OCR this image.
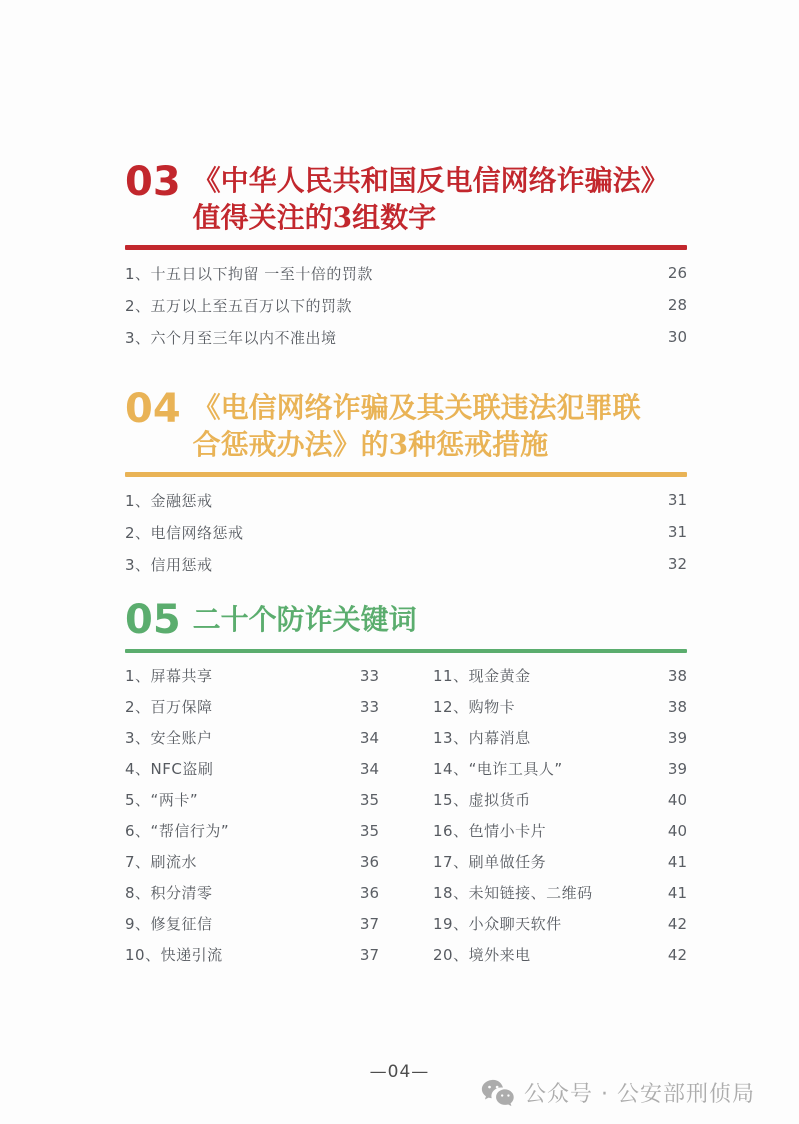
03 《中华人民共和国反电信网络诈骗法》
值得关注的3组数字
1、十五日以下拘留 一至十倍的罚款	26
2、五万以上至五百万以下的罚款	28
3、六个月至三年以内不准出境	30
04 《电信网络诈骗及其关联违法犯罪联
合惩戒办法》的3种惩戒措施
1、金融惩戒	31
2、电信网络惩戒	31
3、信用惩戒	32
05 二十个防诈关键词
1、屏幕共享	33
2、百万保障	33
3、安全账户	34
4、NFC盗刷	34
5、“两卡”	35
6、“帮信行为”	35
7、刷流水	36
8、积分清零	36
9、修复征信	37
10、快递引流	37
11、现金黄金	38
12、购物卡	38
13、内幕消息	39
14、“电诈工具人”	39
15、虚拟货币	40
16、色情小卡片	40
17、刷单做任务	41
18、未知链接、二维码	41
19、小众聊天软件	42
20、境外来电	42
—04—
公众号 · 公安部刑侦局
